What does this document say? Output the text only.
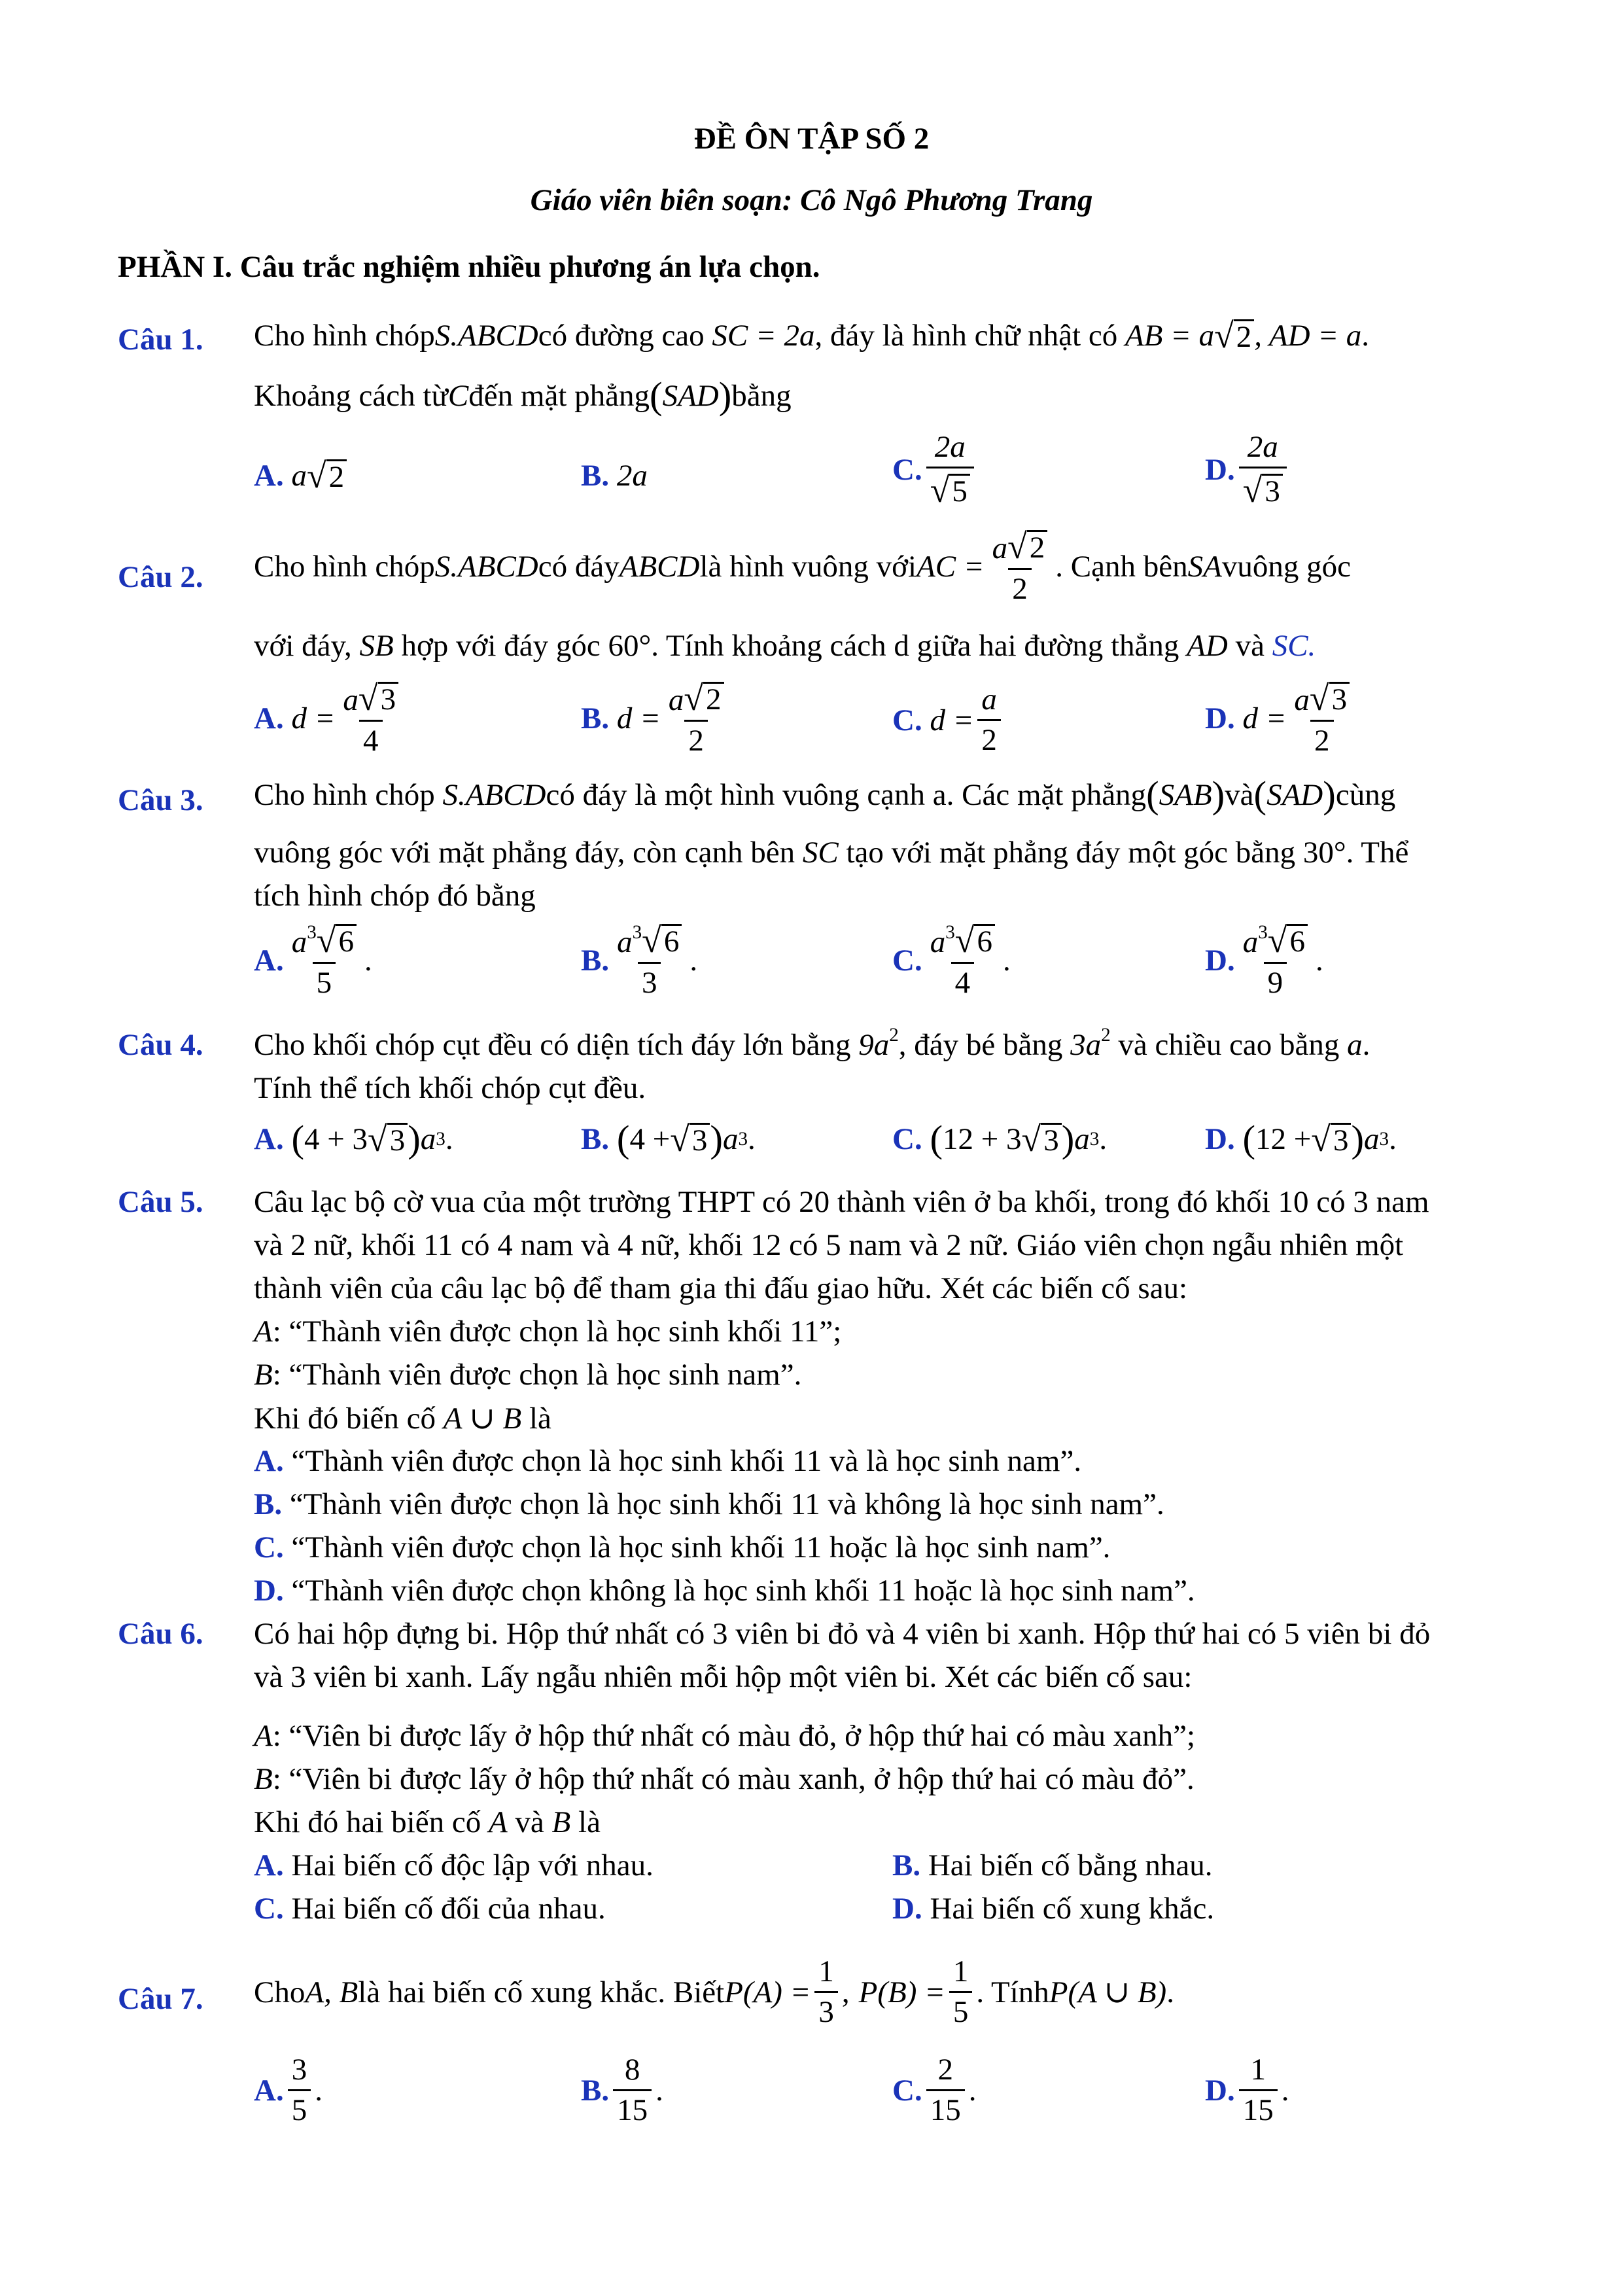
ĐỀ ÔN TẬP SỐ 2
Giáo viên biên soạn: Cô Ngô Phương Trang
PHẦN I. Câu trắc nghiệm nhiều phương án lựa chọn.
Câu 1. Cho hình chóp S.ABCD có đường cao
SC = 2a , đáy là hình chữ nhật có
AB = a √ 2 , AD = a .
Khoảng cách từ C đến mặt phẳng ( SAD ) bằng
A.
a √ 2	B.
2a	C. $\frac{2a}{√ 5}$	D. $\frac{2a}{√ 3}$
Câu 2. Cho hình chóp S.ABCD có đáy ABCD là hình vuông với AC = $\frac{a √ 2}{2}$ . Cạnh bên SA vuông góc
với đáy, SB hợp với đáy góc 60°. Tính khoảng cách d giữa hai đường thẳng AD và SC.
A.
$d = \frac{a √ 3}{4}$	B.
$d = \frac{a √ 2}{2}$	C.
$d = \frac{a}{2}$	D.
$d = \frac{a √ 3}{2}$
Câu 3. Cho hình chóp
S.ABCD có đáy là một hình vuông cạnh a. Các mặt phẳng ( SAB ) và ( SAD ) cùng
vuông góc với mặt phẳng đáy, còn cạnh bên SC tạo với mặt phẳng đáy một góc bằng 30°. Thể
tích hình chóp đó bằng
A. $\frac{a^3 √ 6}{5}$ .	B. $\frac{a^3 √ 6}{3}$ .	C. $\frac{a^3 √ 6}{4}$ .	D. $\frac{a^3 √ 6}{9}$ .
Câu 4. Cho khối chóp cụt đều có diện tích đáy lớn bằng $9a^2$, đáy bé bằng $3a^2$ và chiều cao bằng a.
Tính thể tích khối chóp cụt đều.
A.
( 4 + 3 √ 3 ) a 3 .	B.
( 4 + √ 3 ) a 3 .	C.
( 12 + 3 √ 3 ) a 3 .	D.
( 12 + √ 3 ) a 3 .
Câu 5. Câu lạc bộ cờ vua của một trường THPT có 20 thành viên ở ba khối, trong đó khối 10 có 3 nam
và 2 nữ, khối 11 có 4 nam và 4 nữ, khối 12 có 5 nam và 2 nữ. Giáo viên chọn ngẫu nhiên một
thành viên của câu lạc bộ để tham gia thi đấu giao hữu. Xét các biến cố sau:
A: “Thành viên được chọn là học sinh khối 11”;
B: “Thành viên được chọn là học sinh nam”.
Khi đó biến cố A ∪ B là
A. “Thành viên được chọn là học sinh khối 11 và là học sinh nam”.
B. “Thành viên được chọn là học sinh khối 11 và không là học sinh nam”.
C. “Thành viên được chọn là học sinh khối 11 hoặc là học sinh nam”.
D. “Thành viên được chọn không là học sinh khối 11 hoặc là học sinh nam”.
Câu 6. Có hai hộp đựng bi. Hộp thứ nhất có 3 viên bi đỏ và 4 viên bi xanh. Hộp thứ hai có 5 viên bi đỏ
và 3 viên bi xanh. Lấy ngẫu nhiên mỗi hộp một viên bi. Xét các biến cố sau:
A: “Viên bi được lấy ở hộp thứ nhất có màu đỏ, ở hộp thứ hai có màu xanh”;
B: “Viên bi được lấy ở hộp thứ nhất có màu xanh, ở hộp thứ hai có màu đỏ”.
Khi đó hai biến cố A và B là
A. Hai biến cố độc lập với nhau.	B. Hai biến cố bằng nhau.
C. Hai biến cố đối của nhau.	D. Hai biến cố xung khắc.
Câu 7. Cho A, B là hai biến cố xung khắc. Biết $P(A) = \frac{1}{3}$ , $P(B) = \frac{1}{5}$ . Tính P(A ∪ B) .
A. $\frac{3}{5}$ .	B. $\frac{8}{15}$ .	C. $\frac{2}{15}$ .	D. $\frac{1}{15}$ .
